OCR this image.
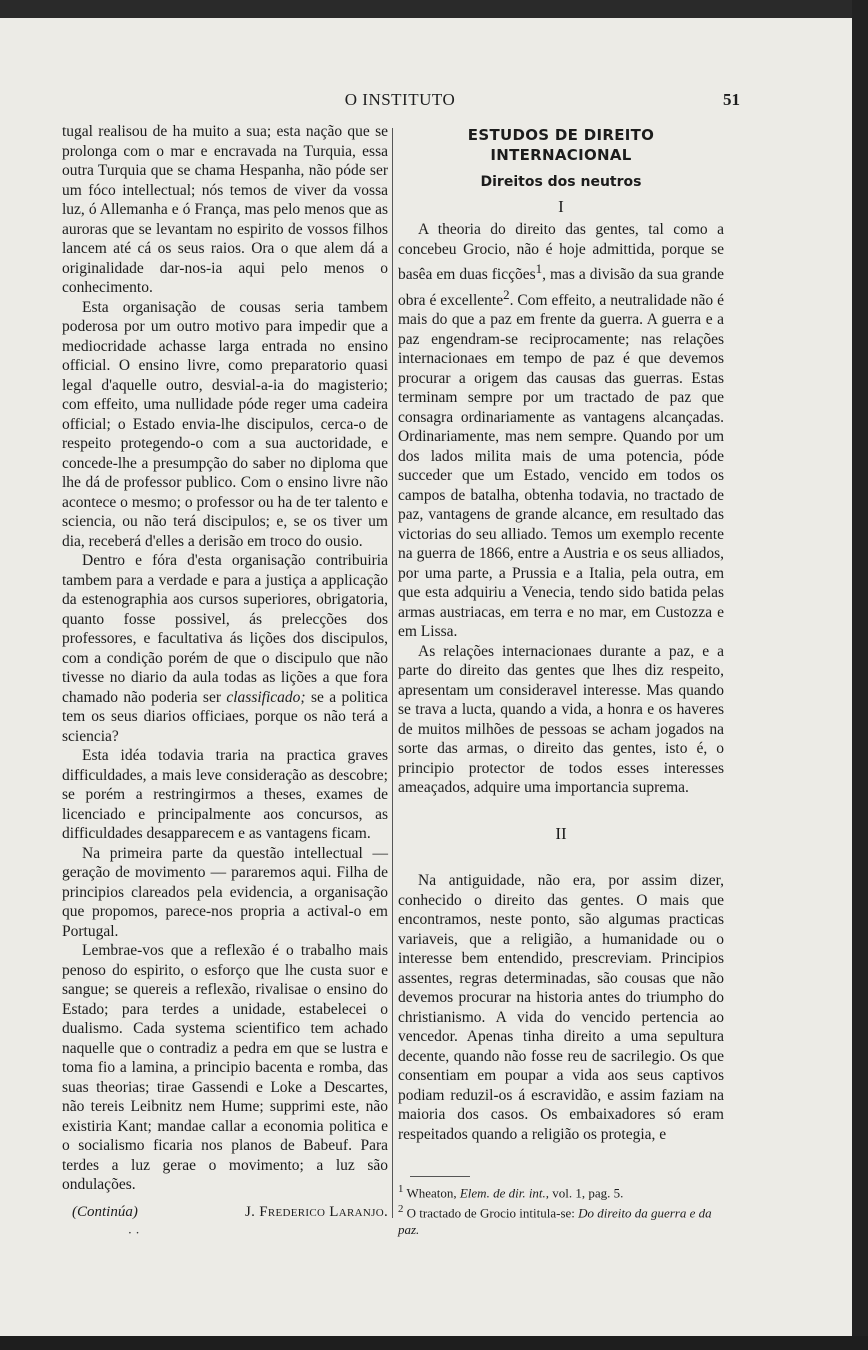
O INSTITUTO	51

tugal realisou de ha muito a sua; esta nação que se prolonga com o mar e encravada na Turquia, essa outra Turquia que se chama Hespanha, não póde ser um fóco intellectual; nós temos de viver da vossa luz, ó Allemanha e ó França, mas pelo menos que as auroras que se levantam no espirito de vossos filhos lancem até cá os seus raios. Ora o que alem dá a originalidade dar-nos-ia aqui pelo menos o conhecimento.

Esta organisação de cousas seria tambem poderosa por um outro motivo para impedir que a mediocridade achasse larga entrada no ensino official. O ensino livre, como preparatorio quasi legal d'aquelle outro, desvial-a-ia do magisterio; com effeito, uma nullidade póde reger uma cadeira official; o Estado envia-lhe discipulos, cerca-o de respeito protegendo-o com a sua auctoridade, e concede-lhe a presumpção do saber no diploma que lhe dá de professor publico. Com o ensino livre não acontece o mesmo; o professor ou ha de ter talento e sciencia, ou não terá discipulos; e, se os tiver um dia, receberá d'elles a derisão em troco do ousio.

Dentro e fóra d'esta organisação contribuiria tambem para a verdade e para a justiça a applicação da estenographia aos cursos superiores, obrigatoria, quanto fosse possivel, ás prelecções dos professores, e facultativa ás lições dos discipulos, com a condição porém de que o discipulo que não tivesse no diario da aula todas as lições a que fora chamado não poderia ser classificado; se a politica tem os seus diarios officiaes, porque os não terá a sciencia?

Esta idéa todavia traria na practica graves difficuldades, a mais leve consideração as descobre; se porém a restringirmos a theses, exames de licenciado e principalmente aos concursos, as difficuldades desapparecem e as vantagens ficam.

Na primeira parte da questão intellectual — geração de movimento — pararemos aqui. Filha de principios clareados pela evidencia, a organisação que propomos, parece-nos propria a actival-o em Portugal.

Lembrae-vos que a reflexão é o trabalho mais penoso do espirito, o esforço que lhe custa suor e sangue; se quereis a reflexão, rivalisae o ensino do Estado; para terdes a unidade, estabelecei o dualismo. Cada systema scientifico tem achado naquelle que o contradiz a pedra em que se lustra e toma fio a lamina, a principio bacenta e romba, das suas theorias; tirae Gassendi e Loke a Descartes, não tereis Leibnitz nem Hume; supprimi este, não existiria Kant; mandae callar a economia politica e o socialismo ficaria nos planos de Babeuf. Para terdes a luz gerae o movimento; a luz são ondulações.

(Continúa)	J. Frederico Laranjo.
· ·
ESTUDOS DE DIREITO INTERNACIONAL
Direitos dos neutros
I

A theoria do direito das gentes, tal como a concebeu Grocio, não é hoje admittida, porque se basêa em duas ficções$^1$, mas a divisão da sua grande obra é excellente$^2$. Com effeito, a neutralidade não é mais do que a paz em frente da guerra. A guerra e a paz engendram-se reciprocamente; nas relações internacionaes em tempo de paz é que devemos procurar a origem das causas das guerras. Estas terminam sempre por um tractado de paz que consagra ordinariamente as vantagens alcançadas. Ordinariamente, mas nem sempre. Quando por um dos lados milita mais de uma potencia, póde succeder que um Estado, vencido em todos os campos de batalha, obtenha todavia, no tractado de paz, vantagens de grande alcance, em resultado das victorias do seu alliado. Temos um exemplo recente na guerra de 1866, entre a Austria e os seus alliados, por uma parte, a Prussia e a Italia, pela outra, em que esta adquiriu a Venecia, tendo sido batida pelas armas austriacas, em terra e no mar, em Custozza e em Lissa.

As relações internacionaes durante a paz, e a parte do direito das gentes que lhes diz respeito, apresentam um consideravel interesse. Mas quando se trava a lucta, quando a vida, a honra e os haveres de muitos milhões de pessoas se acham jogados na sorte das armas, o direito das gentes, isto é, o principio protector de todos esses interesses ameaçados, adquire uma importancia suprema.

II

Na antiguidade, não era, por assim dizer, conhecido o direito das gentes. O mais que encontramos, neste ponto, são algumas practicas variaveis, que a religião, a humanidade ou o interesse bem entendido, prescreviam. Principios assentes, regras determinadas, são cousas que não devemos procurar na historia antes do triumpho do christianismo. A vida do vencido pertencia ao vencedor. Apenas tinha direito a uma sepultura decente, quando não fosse reu de sacrilegio. Os que consentiam em poupar a vida aos seus captivos podiam reduzil-os á escravidão, e assim faziam na maioria dos casos. Os embaixadores só eram respeitados quando a religião os protegia, e

$^1$ Wheaton, Elem. de dir. int., vol. 1, pag. 5.

$^2$ O tractado de Grocio intitula-se: Do direito da guerra e da paz.
